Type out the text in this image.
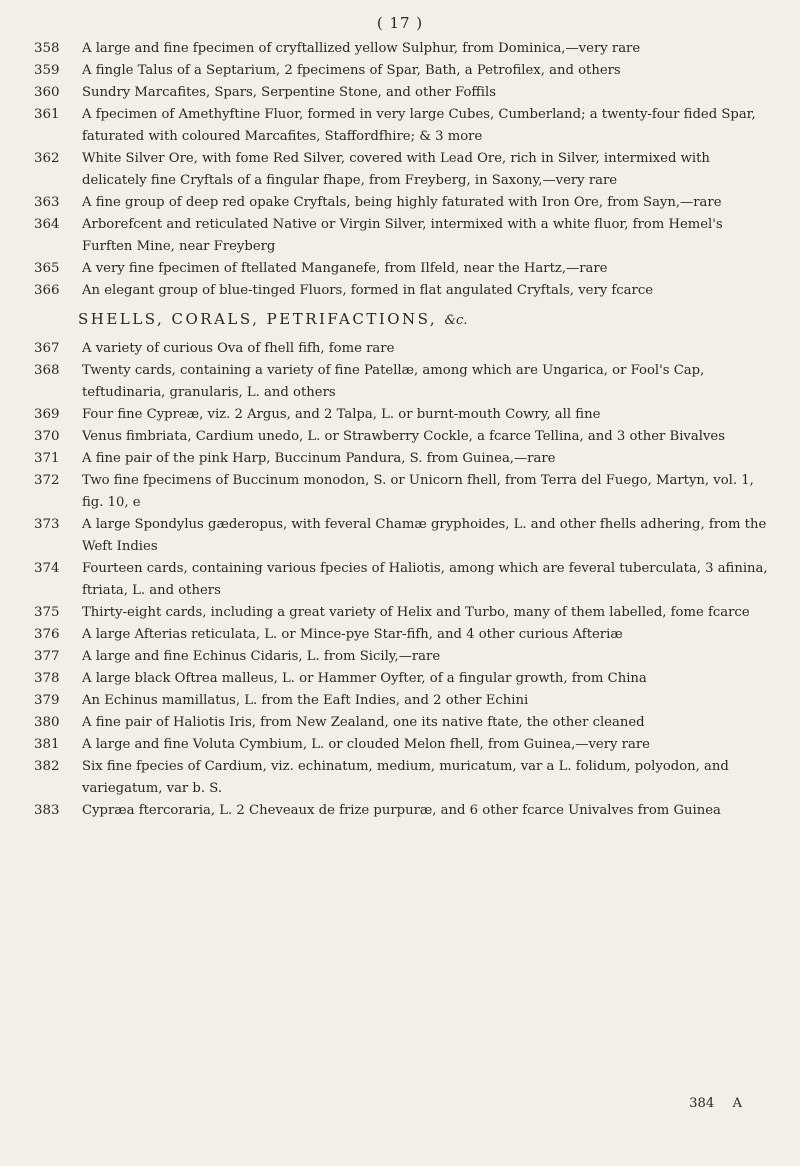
( 17 )
358	A large and fine fpecimen of cryftallized yellow Sulphur, from Dominica,—very rare
359	A fingle Talus of a Septarium, 2 fpecimens of Spar, Bath, a Petrofilex, and others
360	Sundry Marcafites, Spars, Serpentine Stone, and other Foffils
361	A fpecimen of Amethyftine Fluor, formed in very large Cubes, Cumberland; a twenty-four fided Spar, faturated with coloured Marcafites, Staffordfhire; & 3 more
362	White Silver Ore, with fome Red Silver, covered with Lead Ore, rich in Silver, intermixed with delicately fine Cryftals of a fingular fhape, from Freyberg, in Saxony,—very rare
363	A fine group of deep red opake Cryftals, being highly faturated with Iron Ore, from Sayn,—rare
364	Arborefcent and reticulated Native or Virgin Silver, intermixed with a white fluor, from Hemel's Furften Mine, near Freyberg
365	A very fine fpecimen of ftellated Manganefe, from Ilfeld, near the Hartz,—rare
366	An elegant group of blue-tinged Fluors, formed in flat angulated Cryftals, very fcarce
SHELLS, CORALS, PETRIFACTIONS, &c.
367	A variety of curious Ova of fhell fifh, fome rare
368	Twenty cards, containing a variety of fine Patellæ, among which are Ungarica, or Fool's Cap, teftudinaria, granularis, L. and others
369	Four fine Cypreæ, viz. 2 Argus, and 2 Talpa, L. or burnt-mouth Cowry, all fine
370	Venus fimbriata, Cardium unedo, L. or Strawberry Cockle, a fcarce Tellina, and 3 other Bivalves
371	A fine pair of the pink Harp, Buccinum Pandura, S. from Guinea,—rare
372	Two fine fpecimens of Buccinum monodon, S. or Unicorn fhell, from Terra del Fuego, Martyn, vol. 1, fig. 10, e
373	A large Spondylus gæderopus, with feveral Chamæ gryphoides, L. and other fhells adhering, from the Weft Indies
374	Fourteen cards, containing various fpecies of Haliotis, among which are feveral tuberculata, 3 afinina, ftriata, L. and others
375	Thirty-eight cards, including a great variety of Helix and Turbo, many of them labelled, fome fcarce
376	A large Afterias reticulata, L. or Mince-pye Star-fifh, and 4 other curious Afteriæ
377	A large and fine Echinus Cidaris, L. from Sicily,—rare
378	A large black Oftrea malleus, L. or Hammer Oyfter, of a fingular growth, from China
379	An Echinus mamillatus, L. from the Eaft Indies, and 2 other Echini
380	A fine pair of Haliotis Iris, from New Zealand, one its native ftate, the other cleaned
381	A large and fine Voluta Cymbium, L. or clouded Melon fhell, from Guinea,—very rare
382	Six fine fpecies of Cardium, viz. echinatum, medium, muricatum, var a L. folidum, polyodon, and variegatum, var b. S.
383	Cypræa ftercoraria, L. 2 Cheveaux de frize purpuræ, and 6 other fcarce Univalves from Guinea
384 A
